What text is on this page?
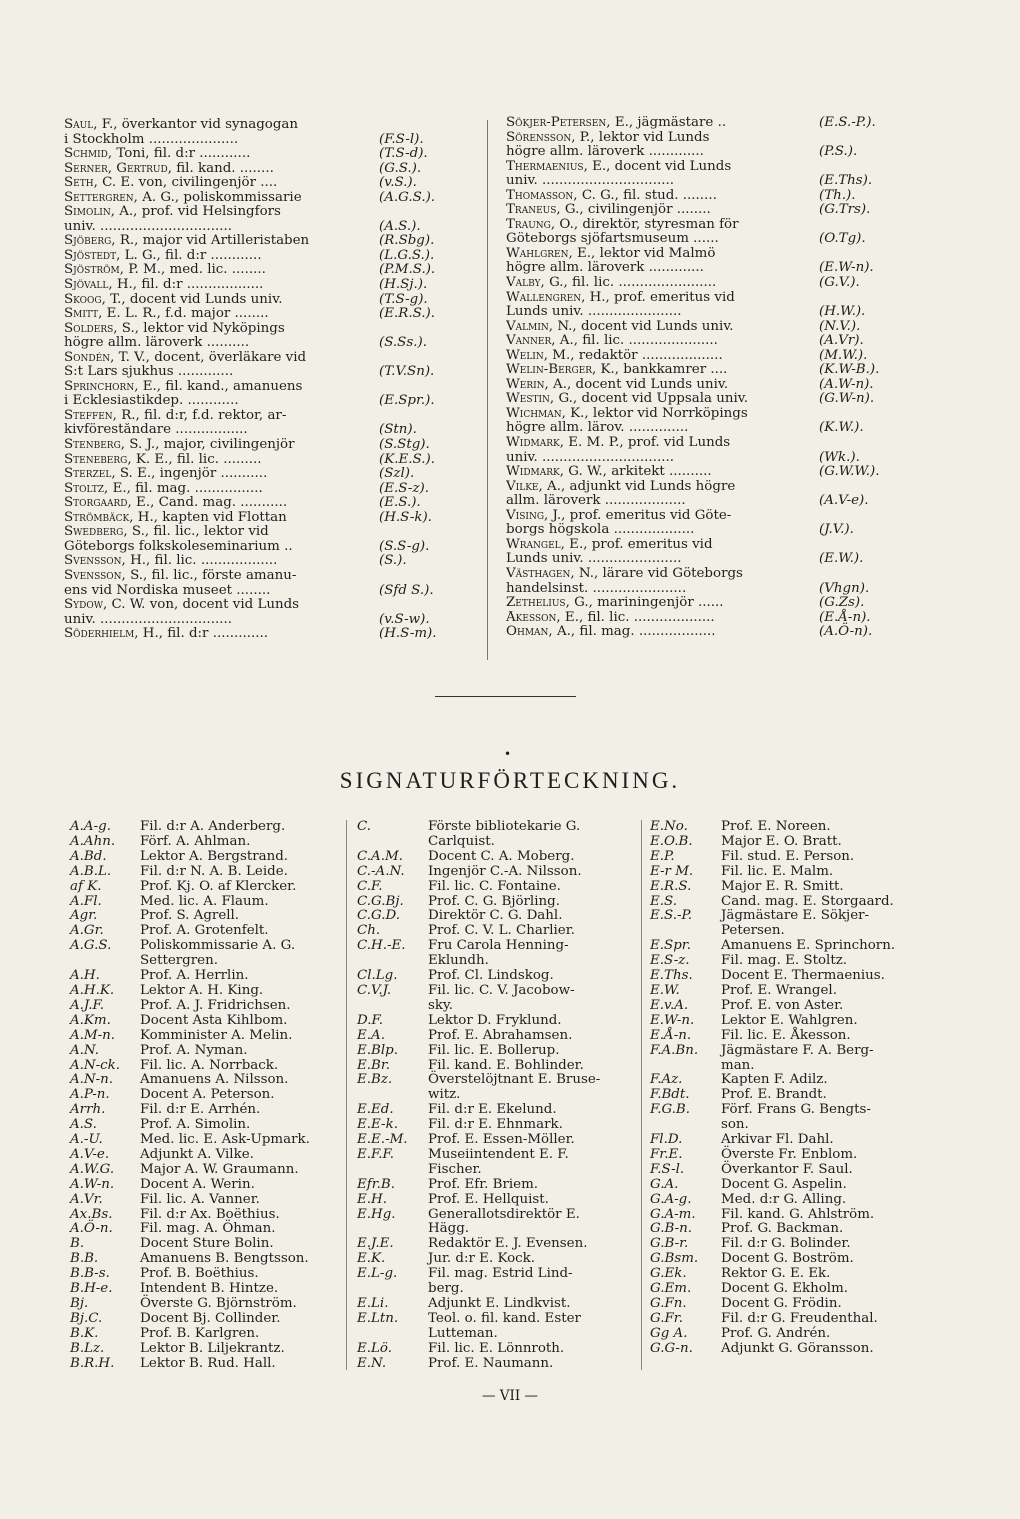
Saul, F., överkantor vid synagogan
i Stockholm .....................	(F.S-l).
Schmid, Toni, fil. d:r ............	(T.S-d).
Serner, Gertrud, fil. kand. ........	(G.S.).
Seth, C. E. von, civilingenjör ....	(v.S.).
Settergren, A. G., poliskommissarie	(A.G.S.).
Simolin, A., prof. vid Helsingfors
univ. ...............................	(A.S.).
Sjöberg, R., major vid Artilleristaben	(R.Sbg).
Sjöstedt, L. G., fil. d:r ............	(L.G.S.).
Sjöström, P. M., med. lic. ........	(P.M.S.).
Sjövall, H., fil. d:r ..................	(H.Sj.).
Skoog, T., docent vid Lunds univ.	(T.S-g).
Smitt, E. L. R., f.d. major ........	(E.R.S.).
Solders, S., lektor vid Nyköpings
högre allm. läroverk ..........	(S.Ss.).
Sondén, T. V., docent, överläkare vid
S:t Lars sjukhus .............	(T.V.Sn).
Sprinchorn, E., fil. kand., amanuens
i Ecklesiastikdep. ............	(E.Spr.).
Steffen, R., fil. d:r, f.d. rektor, ar-
kivföreståndare .................	(Stn).
Stenberg, S. J., major, civilingenjör	(S.Stg).
Steneberg, K. E., fil. lic. .........	(K.E.S.).
Sterzel, S. E., ingenjör ...........	(Szl).
Stoltz, E., fil. mag. ................	(E.S-z).
Storgaard, E., Cand. mag. ...........	(E.S.).
Strömbäck, H., kapten vid Flottan	(H.S-k).
Swedberg, S., fil. lic., lektor vid
Göteborgs folkskoleseminarium ..	(S.S-g).
Svensson, H., fil. lic. ..................	(S.).
Svensson, S., fil. lic., förste amanu-
ens vid Nordiska museet ........	(Sfd S.).
Sydow, C. W. von, docent vid Lunds
univ. ...............................	(v.S-w).
Söderhielm, H., fil. d:r .............	(H.S-m).
Sökjer-Petersen, E., jägmästare ..	(E.S.-P.).
Sörensson, P., lektor vid Lunds
högre allm. läroverk .............	(P.S.).
Thermaenius, E., docent vid Lunds
univ. ...............................	(E.Ths).
Thomasson, C. G., fil. stud. ........	(Th.).
Traneus, G., civilingenjör ........	(G.Trs).
Traung, O., direktör, styresman för
Göteborgs sjöfartsmuseum ......	(O.Tg).
Wahlgren, E., lektor vid Malmö
högre allm. läroverk .............	(E.W-n).
Valby, G., fil. lic. .......................	(G.V.).
Wallengren, H., prof. emeritus vid
Lunds univ. ......................	(H.W.).
Valmin, N., docent vid Lunds univ.	(N.V.).
Vanner, A., fil. lic. .....................	(A.Vr).
Welin, M., redaktör ...................	(M.W.).
Welin-Berger, K., bankkamrer ....	(K.W-B.).
Werin, A., docent vid Lunds univ.	(A.W-n).
Westin, G., docent vid Uppsala univ.	(G.W-n).
Wichman, K., lektor vid Norrköpings
högre allm. lärov. ..............	(K.W.).
Widmark, E. M. P., prof. vid Lunds
univ. ...............................	(Wk.).
Widmark, G. W., arkitekt ..........	(G.W.W.).
Vilke, A., adjunkt vid Lunds högre
allm. läroverk ...................	(A.V-e).
Vising, J., prof. emeritus vid Göte-
borgs högskola ...................	(J.V.).
Wrangel, E., prof. emeritus vid
Lunds univ. ......................	(E.W.).
Västhagen, N., lärare vid Göteborgs
handelsinst. ......................	(Vhgn).
Zethelius, G., mariningenjör ......	(G.Zs).
Åkesson, E., fil. lic. ...................	(E.Å-n).
Öhman, A., fil. mag. ..................	(A.Ö-n).
•
SIGNATURFÖRTECKNING.
A.A-g.	Fil. d:r A. Anderberg.
A.Ahn.	Förf. A. Ahlman.
A.Bd.	Lektor A. Bergstrand.
A.B.L.	Fil. d:r N. A. B. Leide.
af K.	Prof. Kj. O. af Klercker.
A.Fl.	Med. lic. A. Flaum.
Agr.	Prof. S. Agrell.
A.Gr.	Prof. A. Grotenfelt.
A.G.S.	Poliskommissarie A. G.
Settergren.
A.H.	Prof. A. Herrlin.
A.H.K.	Lektor A. H. King.
A.J.F.	Prof. A. J. Fridrichsen.
A.Km.	Docent Asta Kihlbom.
A.M-n.	Komminister A. Melin.
A.N.	Prof. A. Nyman.
A.N-ck.	Fil. lic. A. Norrback.
A.N-n.	Amanuens A. Nilsson.
A.P-n.	Docent A. Peterson.
Arrh.	Fil. d:r E. Arrhén.
A.S.	Prof. A. Simolin.
A.-U.	Med. lic. E. Ask-Upmark.
A.V-e.	Adjunkt A. Vilke.
A.W.G.	Major A. W. Graumann.
A.W-n.	Docent A. Werin.
A.Vr.	Fil. lic. A. Vanner.
Ax.Bs.	Fil. d:r Ax. Boëthius.
A.Ö-n.	Fil. mag. A. Öhman.
B.	Docent Sture Bolin.
B.B.	Amanuens B. Bengtsson.
B.B-s.	Prof. B. Boëthius.
B.H-e.	Intendent B. Hintze.
Bj.	Överste G. Björnström.
Bj.C.	Docent Bj. Collinder.
B.K.	Prof. B. Karlgren.
B.Lz.	Lektor B. Liljekrantz.
B.R.H.	Lektor B. Rud. Hall.
C.	Förste bibliotekarie G.
Carlquist.
C.A.M.	Docent C. A. Moberg.
C.-A.N.	Ingenjör C.-A. Nilsson.
C.F.	Fil. lic. C. Fontaine.
C.G.Bj.	Prof. C. G. Björling.
C.G.D.	Direktör C. G. Dahl.
Ch.	Prof. C. V. L. Charlier.
C.H.-E.	Fru Carola Henning-
Eklundh.
Cl.Lg.	Prof. Cl. Lindskog.
C.V.J.	Fil. lic. C. V. Jacobow-
sky.
D.F.	Lektor D. Fryklund.
E.A.	Prof. E. Abrahamsen.
E.Blp.	Fil. lic. E. Bollerup.
E.Br.	Fil. kand. E. Bohlinder.
E.Bz.	Överstelöjtnant E. Bruse-
witz.
E.Ed.	Fil. d:r E. Ekelund.
E.E-k.	Fil. d:r E. Ehnmark.
E.E.-M.	Prof. E. Essen-Möller.
E.F.F.	Museiintendent E. F.
Fischer.
Efr.B.	Prof. Efr. Briem.
E.H.	Prof. E. Hellquist.
E.Hg.	Generallotsdirektör E.
Hägg.
E.J.E.	Redaktör E. J. Evensen.
E.K.	Jur. d:r E. Kock.
E.L-g.	Fil. mag. Estrid Lind-
berg.
E.Li.	Adjunkt E. Lindkvist.
E.Ltn.	Teol. o. fil. kand. Ester
Lutteman.
E.Lö.	Fil. lic. E. Lönnroth.
E.N.	Prof. E. Naumann.
E.No.	Prof. E. Noreen.
E.O.B.	Major E. O. Bratt.
E.P.	Fil. stud. E. Person.
E-r M.	Fil. lic. E. Malm.
E.R.S.	Major E. R. Smitt.
E.S.	Cand. mag. E. Storgaard.
E.S.-P.	Jägmästare E. Sökjer-
Petersen.
E.Spr.	Amanuens E. Sprinchorn.
E.S-z.	Fil. mag. E. Stoltz.
E.Ths.	Docent E. Thermaenius.
E.W.	Prof. E. Wrangel.
E.v.A.	Prof. E. von Aster.
E.W-n.	Lektor E. Wahlgren.
E.Å-n.	Fil. lic. E. Åkesson.
F.A.Bn.	Jägmästare F. A. Berg-
man.
F.Az.	Kapten F. Adilz.
F.Bdt.	Prof. E. Brandt.
F.G.B.	Förf. Frans G. Bengts-
son.
Fl.D.	Arkivar Fl. Dahl.
Fr.E.	Överste Fr. Enblom.
F.S-l.	Överkantor F. Saul.
G.A.	Docent G. Aspelin.
G.A-g.	Med. d:r G. Alling.
G.A-m.	Fil. kand. G. Ahlström.
G.B-n.	Prof. G. Backman.
G.B-r.	Fil. d:r G. Bolinder.
G.Bsm.	Docent G. Boström.
G.Ek.	Rektor G. E. Ek.
G.Em.	Docent G. Ekholm.
G.Fn.	Docent G. Frödin.
G.Fr.	Fil. d:r G. Freudenthal.
Gg A.	Prof. G. Andrén.
G.G-n.	Adjunkt G. Göransson.
— VII —
